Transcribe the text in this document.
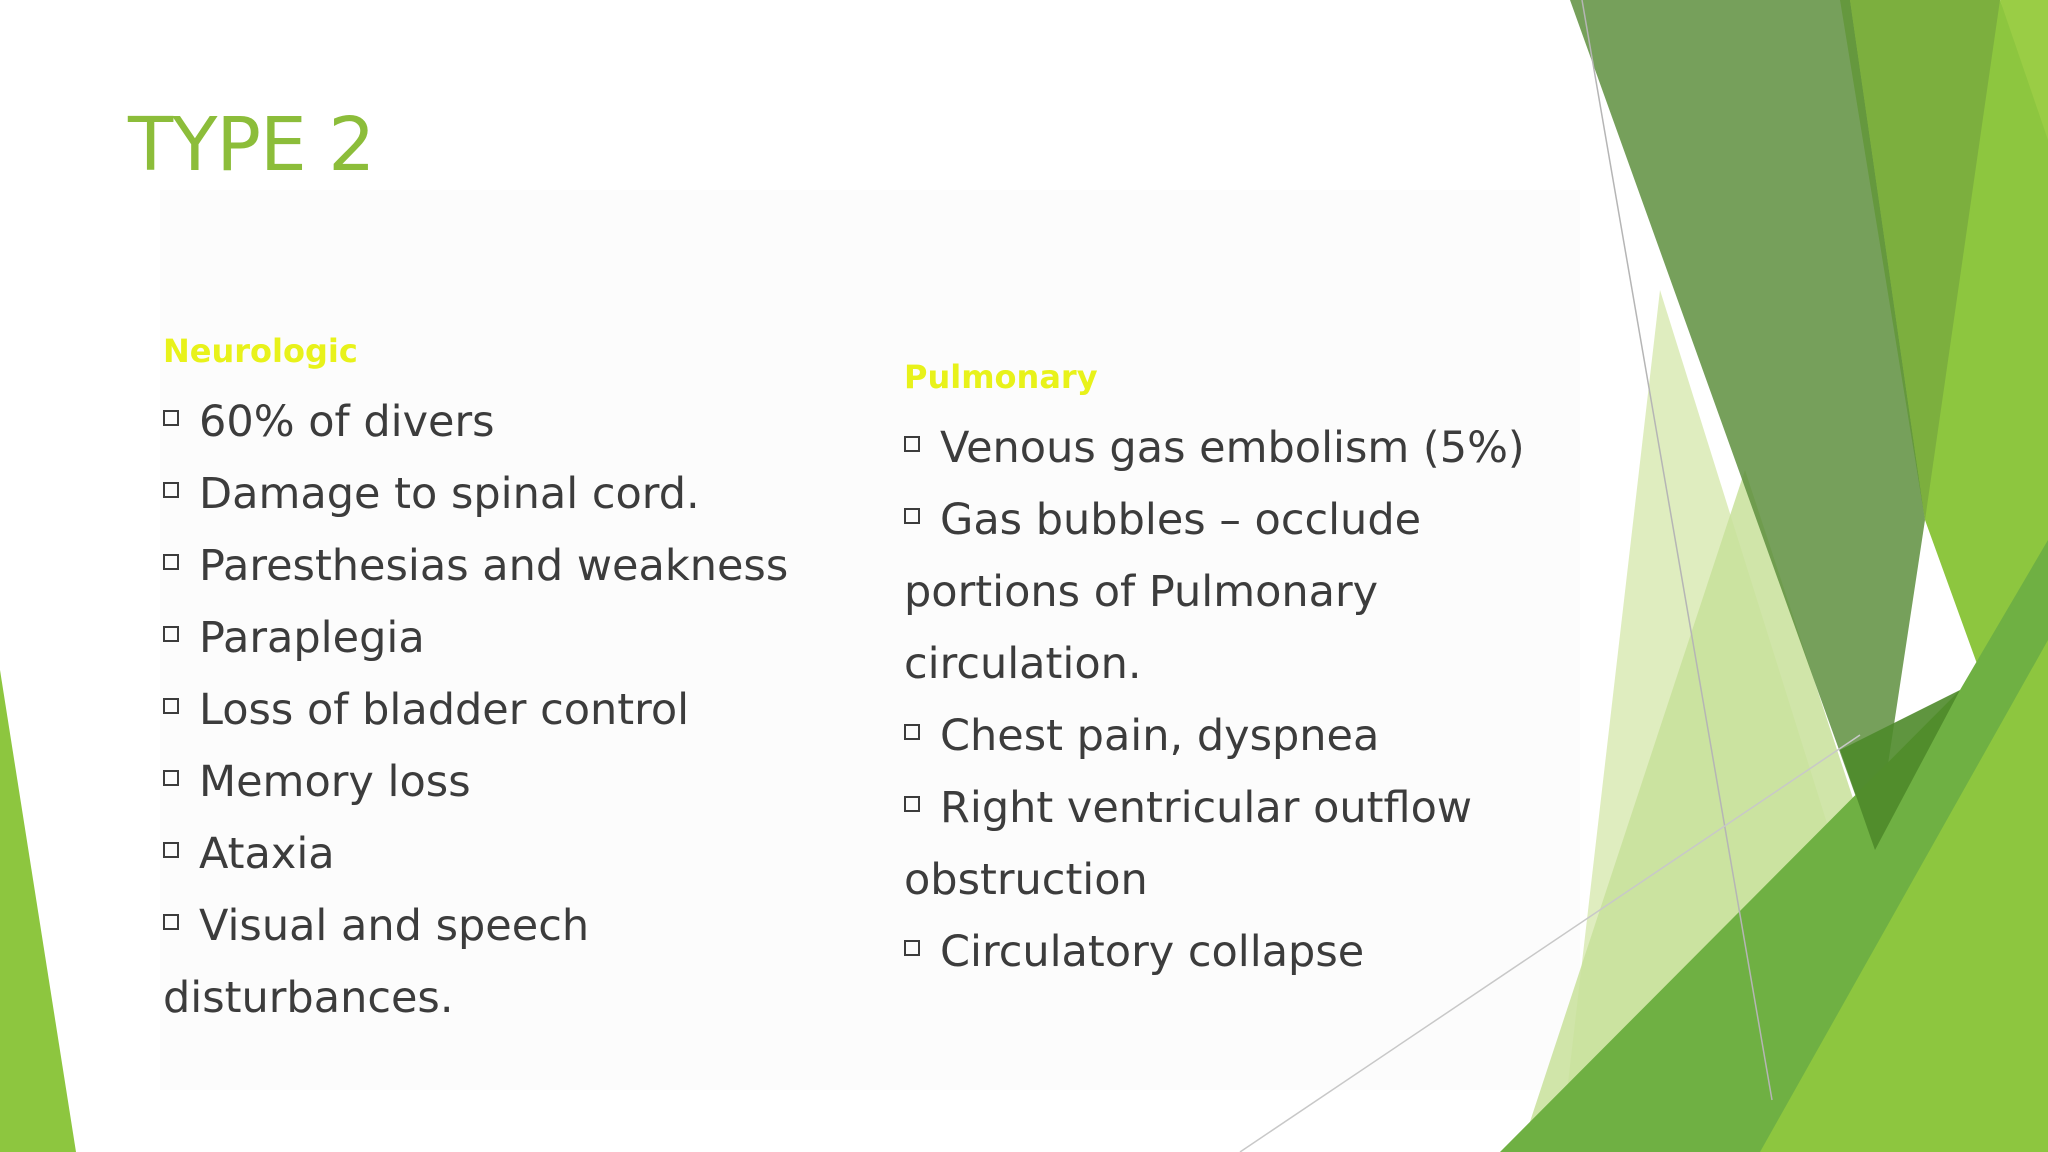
TYPE 2
Neurologic
60% of divers
Damage to spinal cord.
Paresthesias and weakness
Paraplegia
Loss of bladder control
Memory loss
Ataxia
Visual and speech
disturbances.
Pulmonary
Venous gas embolism (5%)
Gas bubbles – occlude
portions of Pulmonary
circulation.
Chest pain, dyspnea
Right ventricular outflow
obstruction
Circulatory collapse
